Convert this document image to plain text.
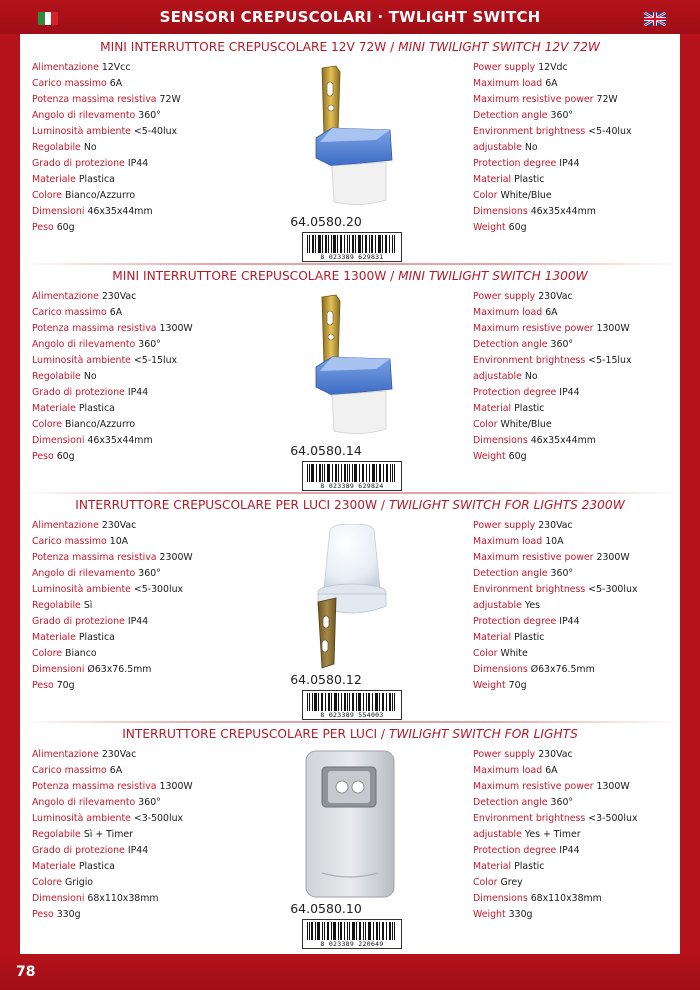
SENSORI CREPUSCOLARI · TWLIGHT SWITCH
MINI INTERRUTTORE CREPUSCOLARE 12V 72W / MINI TWILIGHT SWITCH 12V 72W
Alimentazione 12Vcc
Carico massimo 6A
Potenza massima resistiva 72W
Angolo di rilevamento 360°
Luminosità ambiente <5-40lux
Regolabile No
Grado di protezione IP44
Materiale Plastica
Colore Bianco/Azzurro
Dimensioni 46x35x44mm
Peso 60g	64.0580.20
8 023389 629831
Power supply 12Vdc
Maximum load 6A
Maximum resistive power 72W
Detection angle 360°
Environment brightness <5-40lux
adjustable No
Protection degree IP44
Material Plastic
Color White/Blue
Dimensions 46x35x44mm
Weight 60g
MINI INTERRUTTORE CREPUSCOLARE 1300W / MINI TWILIGHT SWITCH 1300W
Alimentazione 230Vac
Carico massimo 6A
Potenza massima resistiva 1300W
Angolo di rilevamento 360°
Luminosità ambiente <5-15lux
Regolabile No
Grado di protezione IP44
Materiale Plastica
Colore Bianco/Azzurro
Dimensioni 46x35x44mm
Peso 60g	64.0580.14
8 023389 629824
Power supply 230Vac
Maximum load 6A
Maximum resistive power 1300W
Detection angle 360°
Environment brightness <5-15lux
adjustable No
Protection degree IP44
Material Plastic
Color White/Blue
Dimensions 46x35x44mm
Weight 60g
INTERRUTTORE CREPUSCOLARE PER LUCI 2300W / TWILIGHT SWITCH FOR LIGHTS 2300W
Alimentazione 230Vac
Carico massimo 10A
Potenza massima resistiva 2300W
Angolo di rilevamento 360°
Luminosità ambiente <5-300lux
Regolabile Sì
Grado di protezione IP44
Materiale Plastica
Colore Bianco
Dimensioni Ø63x76.5mm
Peso 70g	64.0580.12
8 023389 554003
Power supply 230Vac
Maximum load 10A
Maximum resistive power 2300W
Detection angle 360°
Environment brightness <5-300lux
adjustable Yes
Protection degree IP44
Material Plastic
Color White
Dimensions Ø63x76.5mm
Weight 70g
INTERRUTTORE CREPUSCOLARE PER LUCI / TWILIGHT SWITCH FOR LIGHTS
Alimentazione 230Vac
Carico massimo 6A
Potenza massima resistiva 1300W
Angolo di rilevamento 360°
Luminosità ambiente <3-500lux
Regolabile Sì + Timer
Grado di protezione IP44
Materiale Plastica
Colore Grigio
Dimensioni 68x110x38mm
Peso 330g	64.0580.10
8 023389 220649
Power supply 230Vac
Maximum load 6A
Maximum resistive power 1300W
Detection angle 360°
Environment brightness <3-500lux
adjustable Yes + Timer
Protection degree IP44
Material Plastic
Color Grey
Dimensions 68x110x38mm
Weight 330g
78
